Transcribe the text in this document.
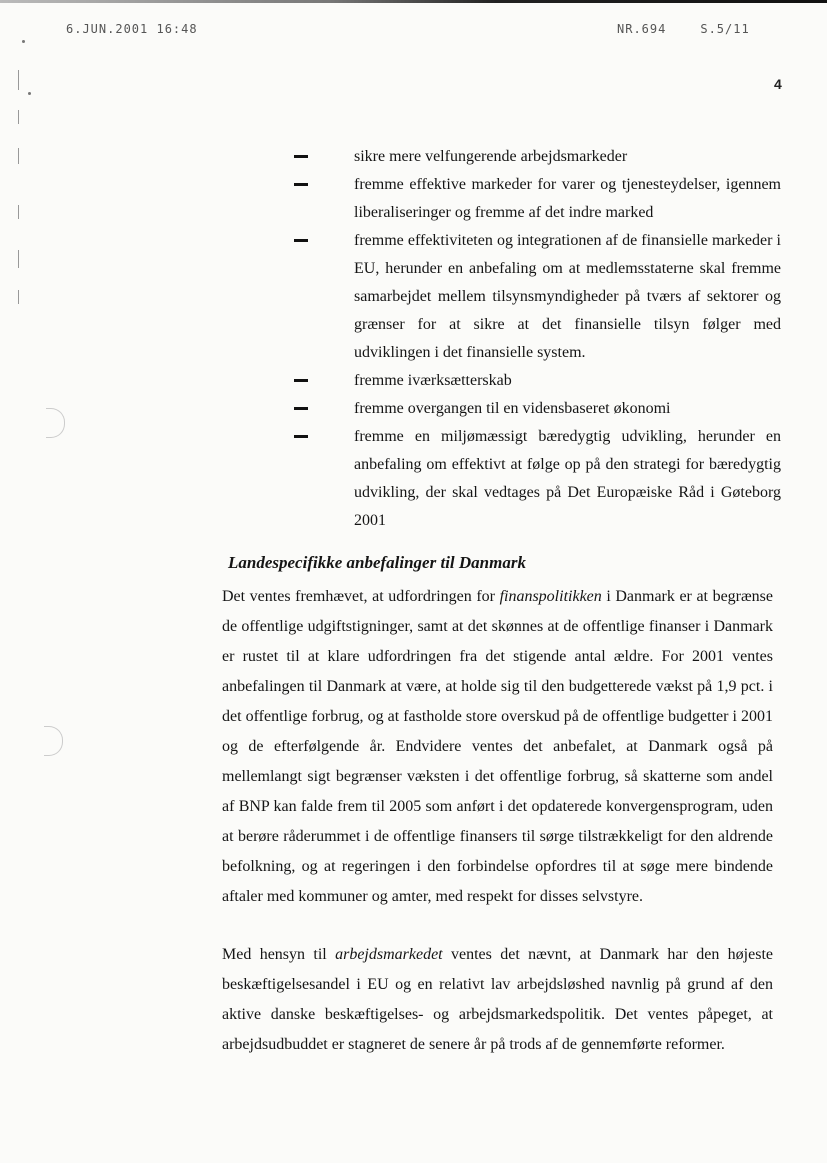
6.JUN.2001 16:48	NR.694	S.5/11
4
sikre mere velfungerende arbejdsmarkeder
fremme effektive markeder for varer og tjenesteydelser, igennem liberaliseringer og fremme af det indre marked
fremme effektiviteten og integrationen af de finansielle markeder i EU, herunder en anbefaling om at medlemsstaterne skal fremme samarbejdet mellem tilsynsmyndigheder på tværs af sektorer og grænser for at sikre at det finansielle tilsyn følger med udviklingen i det finansielle system.
fremme iværksætterskab
fremme overgangen til en vidensbaseret økonomi
fremme en miljømæssigt bæredygtig udvikling, herunder en anbefaling om effektivt at følge op på den strategi for bæredygtig udvikling, der skal vedtages på Det Europæiske Råd i Gøteborg 2001
Landespecifikke anbefalinger til Danmark

Det ventes fremhævet, at udfordringen for finanspolitikken i Danmark er at begrænse de offentlige udgiftstigninger, samt at det skønnes at de offentlige finanser i Danmark er rustet til at klare udfordringen fra det stigende antal ældre. For 2001 ventes anbefalingen til Danmark at være, at holde sig til den budgetterede vækst på 1,9 pct. i det offentlige forbrug, og at fastholde store overskud på de offentlige budgetter i 2001 og de efterfølgende år. Endvidere ventes det anbefalet, at Danmark også på mellemlangt sigt begrænser væksten i det offentlige forbrug, så skatterne som andel af BNP kan falde frem til 2005 som anført i det opdaterede konvergensprogram, uden at berøre råderummet i de offentlige finansers til sørge tilstrækkeligt for den aldrende befolkning, og at regeringen i den forbindelse opfordres til at søge mere bindende aftaler med kommuner og amter, med respekt for disses selvstyre.

Med hensyn til arbejdsmarkedet ventes det nævnt, at Danmark har den højeste beskæftigelsesandel i EU og en relativt lav arbejdsløshed navnlig på grund af den aktive danske beskæftigelses- og arbejdsmarkedspolitik. Det ventes påpeget, at arbejdsudbuddet er stagneret de senere år på trods af de gennemførte reformer.
